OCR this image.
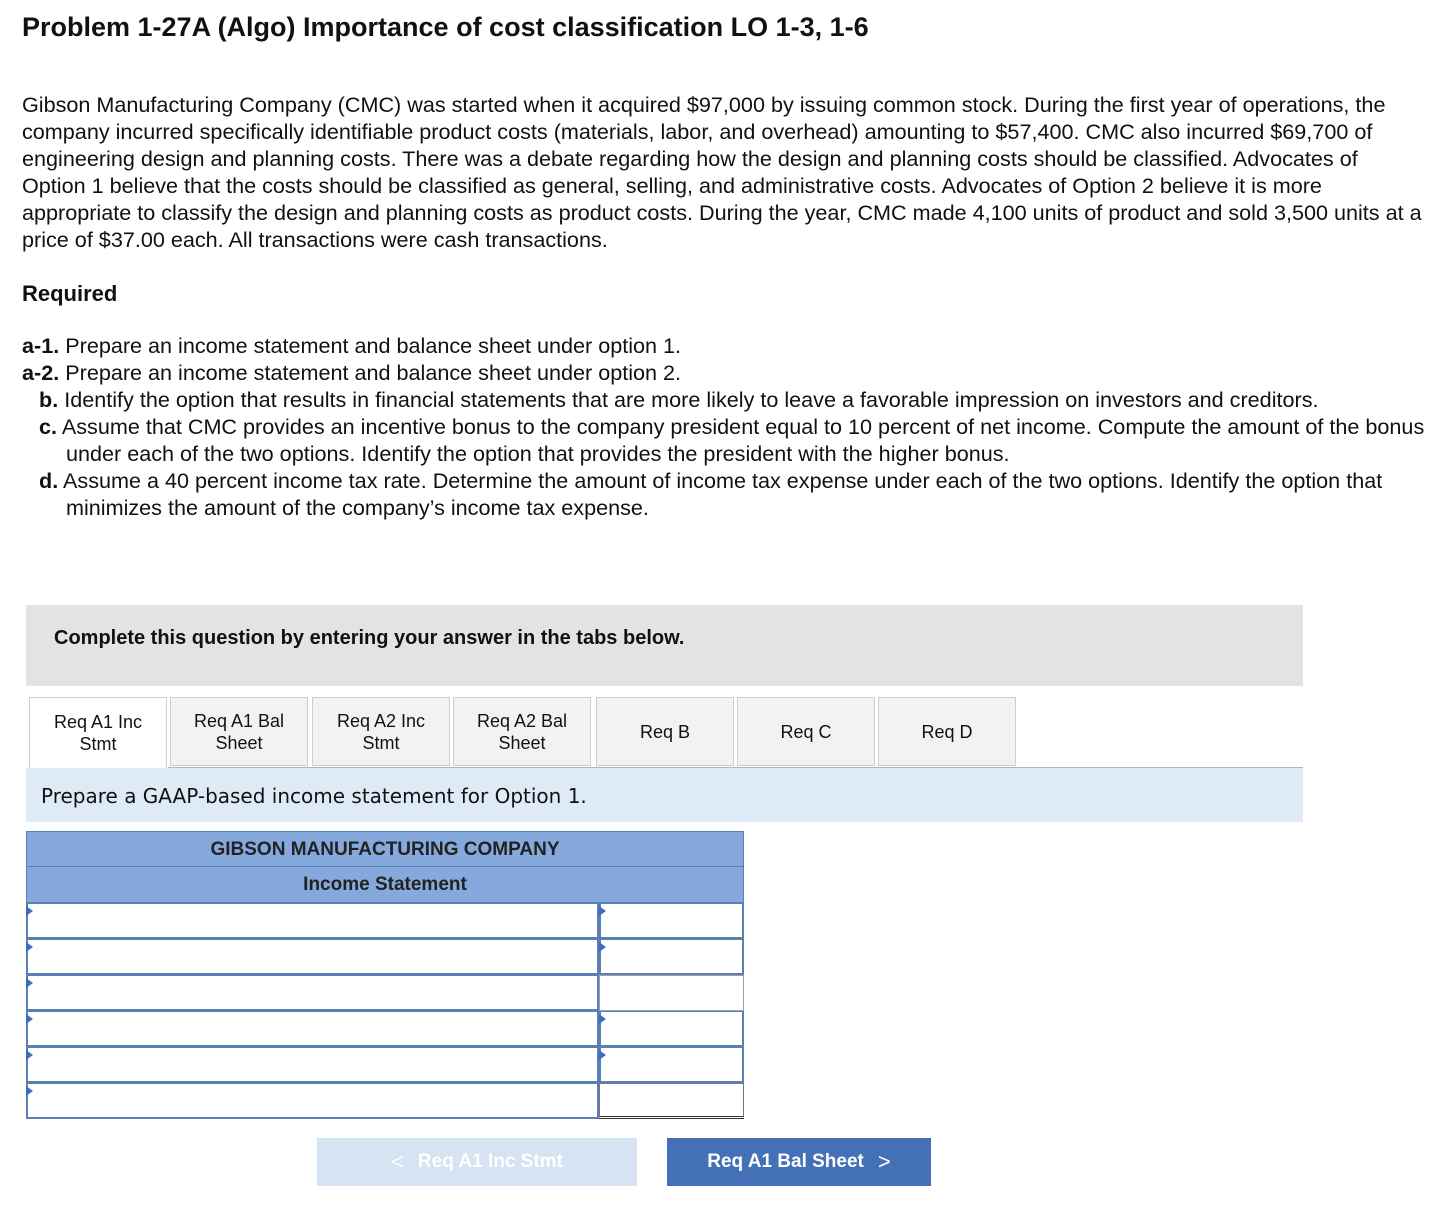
Problem 1-27A (Algo) Importance of cost classification LO 1-3, 1-6

Gibson Manufacturing Company (CMC) was started when it acquired $97,000 by issuing common stock. During the first year of operations, the company incurred specifically identifiable product costs (materials, labor, and overhead) amounting to $57,400. CMC also incurred $69,700 of engineering design and planning costs. There was a debate regarding how the design and planning costs should be classified. Advocates of Option 1 believe that the costs should be classified as general, selling, and administrative costs. Advocates of Option 2 believe it is more appropriate to classify the design and planning costs as product costs. During the year, CMC made 4,100 units of product and sold 3,500 units at a price of $37.00 each. All transactions were cash transactions.

Required
a-1. Prepare an income statement and balance sheet under option 1.
a-2. Prepare an income statement and balance sheet under option 2.
b. Identify the option that results in financial statements that are more likely to leave a favorable impression on investors and creditors.
c. Assume that CMC provides an incentive bonus to the company president equal to 10 percent of net income. Compute the amount of the bonus under each of the two options. Identify the option that provides the president with the higher bonus.
d. Assume a 40 percent income tax rate. Determine the amount of income tax expense under each of the two options. Identify the option that minimizes the amount of the company’s income tax expense.
Complete this question by entering your answer in the tabs below.
Req A1 Inc Stmt
Req A1 Bal Sheet
Req A2 Inc Stmt
Req A2 Bal Sheet
Req B	Req C	Req D
Prepare a GAAP-based income statement for Option 1.
GIBSON MANUFACTURING COMPANY
Income Statement
< Req A1 Inc Stmt	Req A1 Bal Sheet >
